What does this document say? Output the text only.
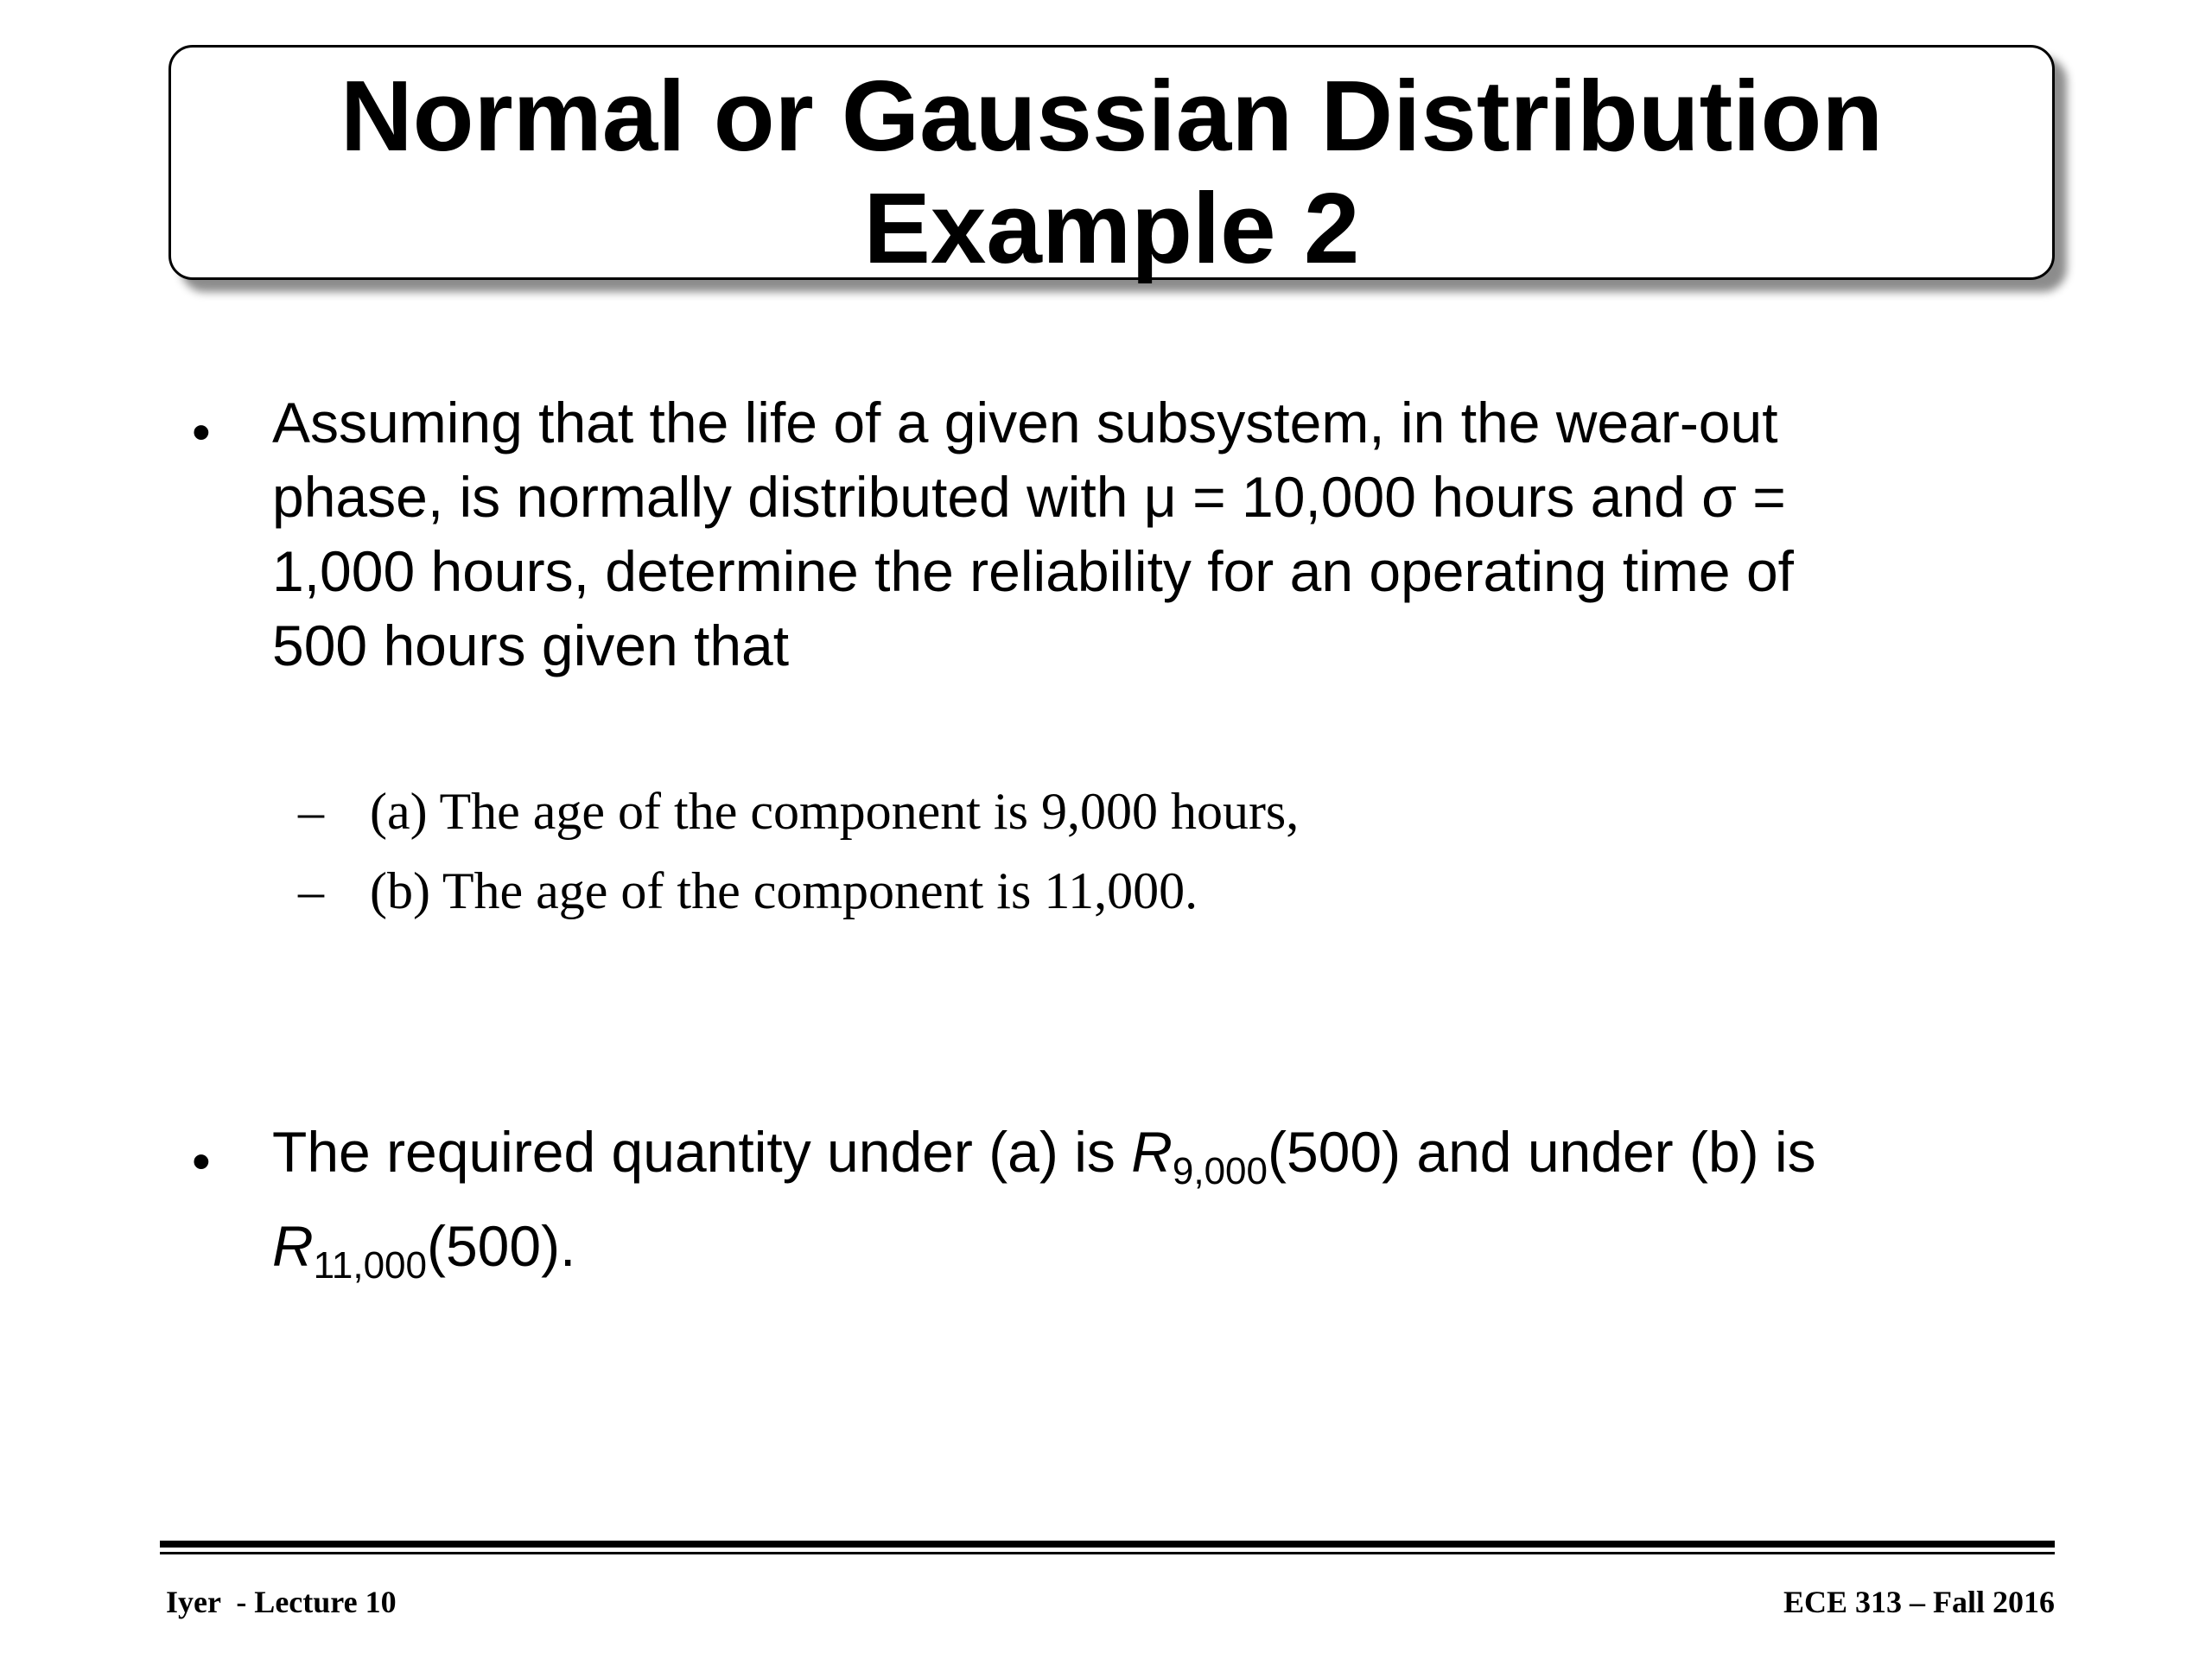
Normal or Gaussian Distribution
Example 2
• Assuming that the life of a given subsystem, in the wear-out
phase, is normally distributed with μ = 10,000 hours and σ =
1,000 hours, determine the reliability for an operating time of
500 hours given that
– (a) The age of the component is 9,000 hours,
– (b) The age of the component is 11,000.
• The required quantity under (a) is $R_{9,000}(500)$ and under (b) is
$R_{11,000}(500)$.
Iyer  - Lecture 10	ECE 313 – Fall 2016
